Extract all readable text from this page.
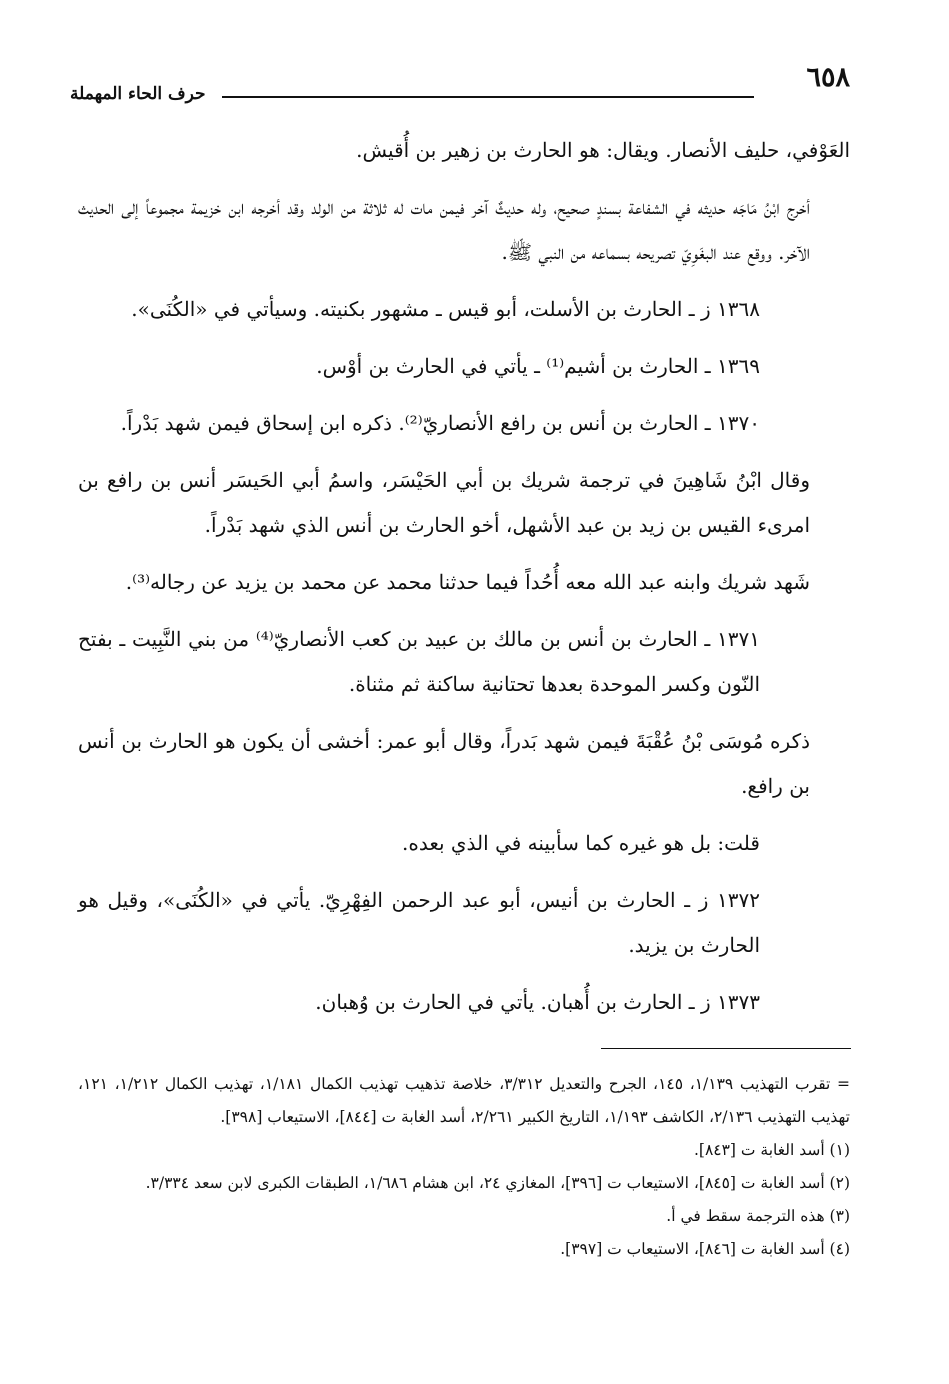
٦٥٨
حرف الحاء المهملة

العَوْفي، حليف الأنصار. ويقال: هو الحارث بن زهير بن أُقيش.

أخرج ابْنُ مَاجَه حديثه في الشفاعة بسندٍ صحيح، وله حديثٌ آخر فيمن مات له ثلاثة من الولد وقد أخرجه ابن خزيمة مجموعاً إلى الحديث الآخر. ووقع عند البغَوِيّ تصريحه بسماعه من النبي ﷺ.

١٣٦٨ ز ـ الحارث بن الأسلت، أبو قيس ـ مشهور بكنيته. وسيأتي في «الكُنَى».

١٣٦٩ ـ الحارث بن أشيم⁽¹⁾ ـ يأتي في الحارث بن أوْس.

١٣٧٠ ـ الحارث بن أنس بن رافع الأنصاريّ⁽²⁾. ذكره ابن إسحاق فيمن شهد بَدْراً.

وقال ابْنُ شَاهِينَ في ترجمة شريك بن أبي الحَيْسَر، واسمُ أبي الحَيسَر أنس بن رافع بن امرىء القيس بن زيد بن عبد الأشهل، أخو الحارث بن أنس الذي شهد بَدْراً.

شَهد شريك وابنه عبد الله معه أُحُداً فيما حدثنا محمد عن محمد بن يزيد عن رجاله⁽³⁾.

١٣٧١ ـ الحارث بن أنس بن مالك بن عبيد بن كعب الأنصاريّ⁽⁴⁾ من بني النَّبِيت ـ بفتح النّون وكسر الموحدة بعدها تحتانية ساكنة ثم مثناة.

ذكره مُوسَى بْنُ عُقْبَةَ فيمن شهد بَدراً، وقال أبو عمر: أخشى أن يكون هو الحارث بن أنس بن رافع.

قلت: بل هو غيره كما سأبينه في الذي بعده.

١٣٧٢ ز ـ الحارث بن أنيس، أبو عبد الرحمن الفِهْرِيّ. يأتي في «الكُنَى»، وقيل هو الحارث بن يزيد.

١٣٧٣ ز ـ الحارث بن أُهبان. يأتي في الحارث بن وُهبان.

= تقرب التهذيب ١/١٣٩، ١٤٥، الجرح والتعديل ٣/٣١٢، خلاصة تذهيب تهذيب الكمال ١/١٨١، تهذيب الكمال ١/٢١٢، ١٢١، تهذيب التهذيب ٢/١٣٦، الكاشف ١/١٩٣، التاريخ الكبير ٢/٢٦١، أسد الغابة ت [٨٤٤]، الاستيعاب [٣٩٨].

(١) أسد الغابة ت [٨٤٣].

(٢) أسد الغابة ت [٨٤٥]، الاستيعاب ت [٣٩٦]، المغازي ٢٤، ابن هشام ١/٦٨٦، الطبقات الكبرى لابن سعد ٣/٣٣٤.

(٣) هذه الترجمة سقط في أ.

(٤) أسد الغابة ت [٨٤٦]، الاستيعاب ت [٣٩٧].
